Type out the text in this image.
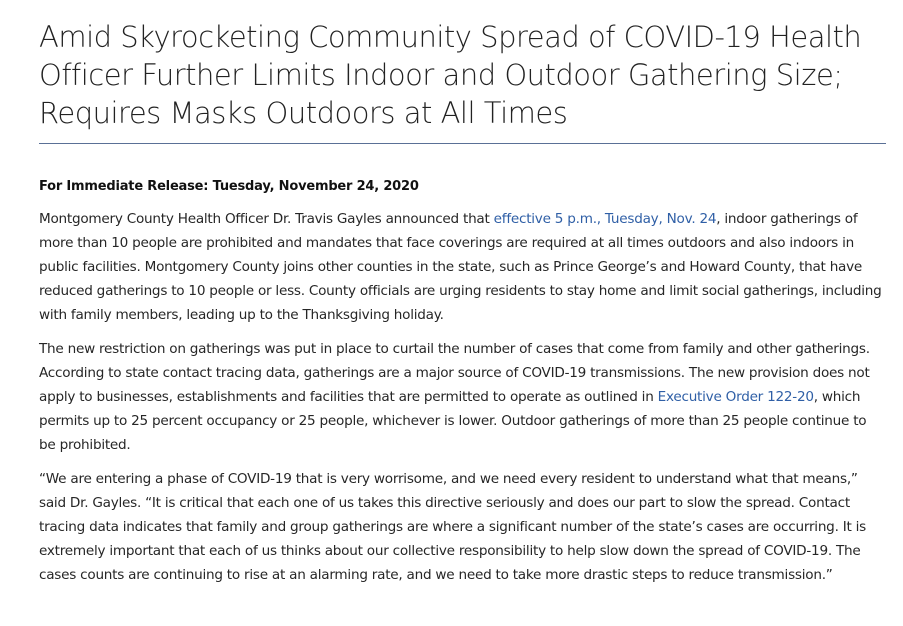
Amid Skyrocketing Community Spread of COVID-19 Health Officer Further Limits Indoor and Outdoor Gathering Size; Requires Masks Outdoors at All Times

For Immediate Release: Tuesday, November 24, 2020

Montgomery County Health Officer Dr. Travis Gayles announced that effective 5 p.m., Tuesday, Nov. 24, indoor gatherings of more than 10 people are prohibited and mandates that face coverings are required at all times outdoors and also indoors in public facilities. Montgomery County joins other counties in the state, such as Prince George’s and Howard County, that have reduced gatherings to 10 people or less. County officials are urging residents to stay home and limit social gatherings, including with family members, leading up to the Thanksgiving holiday.

The new restriction on gatherings was put in place to curtail the number of cases that come from family and other gatherings. According to state contact tracing data, gatherings are a major source of COVID-19 transmissions. The new provision does not apply to businesses, establishments and facilities that are permitted to operate as outlined in Executive Order 122-20, which permits up to 25 percent occupancy or 25 people, whichever is lower. Outdoor gatherings of more than 25 people continue to be prohibited.

“We are entering a phase of COVID-19 that is very worrisome, and we need every resident to understand what that means,” said Dr. Gayles. “It is critical that each one of us takes this directive seriously and does our part to slow the spread. Contact tracing data indicates that family and group gatherings are where a significant number of the state’s cases are occurring. It is extremely important that each of us thinks about our collective responsibility to help slow down the spread of COVID-19. The cases counts are continuing to rise at an alarming rate, and we need to take more drastic steps to reduce transmission.”
